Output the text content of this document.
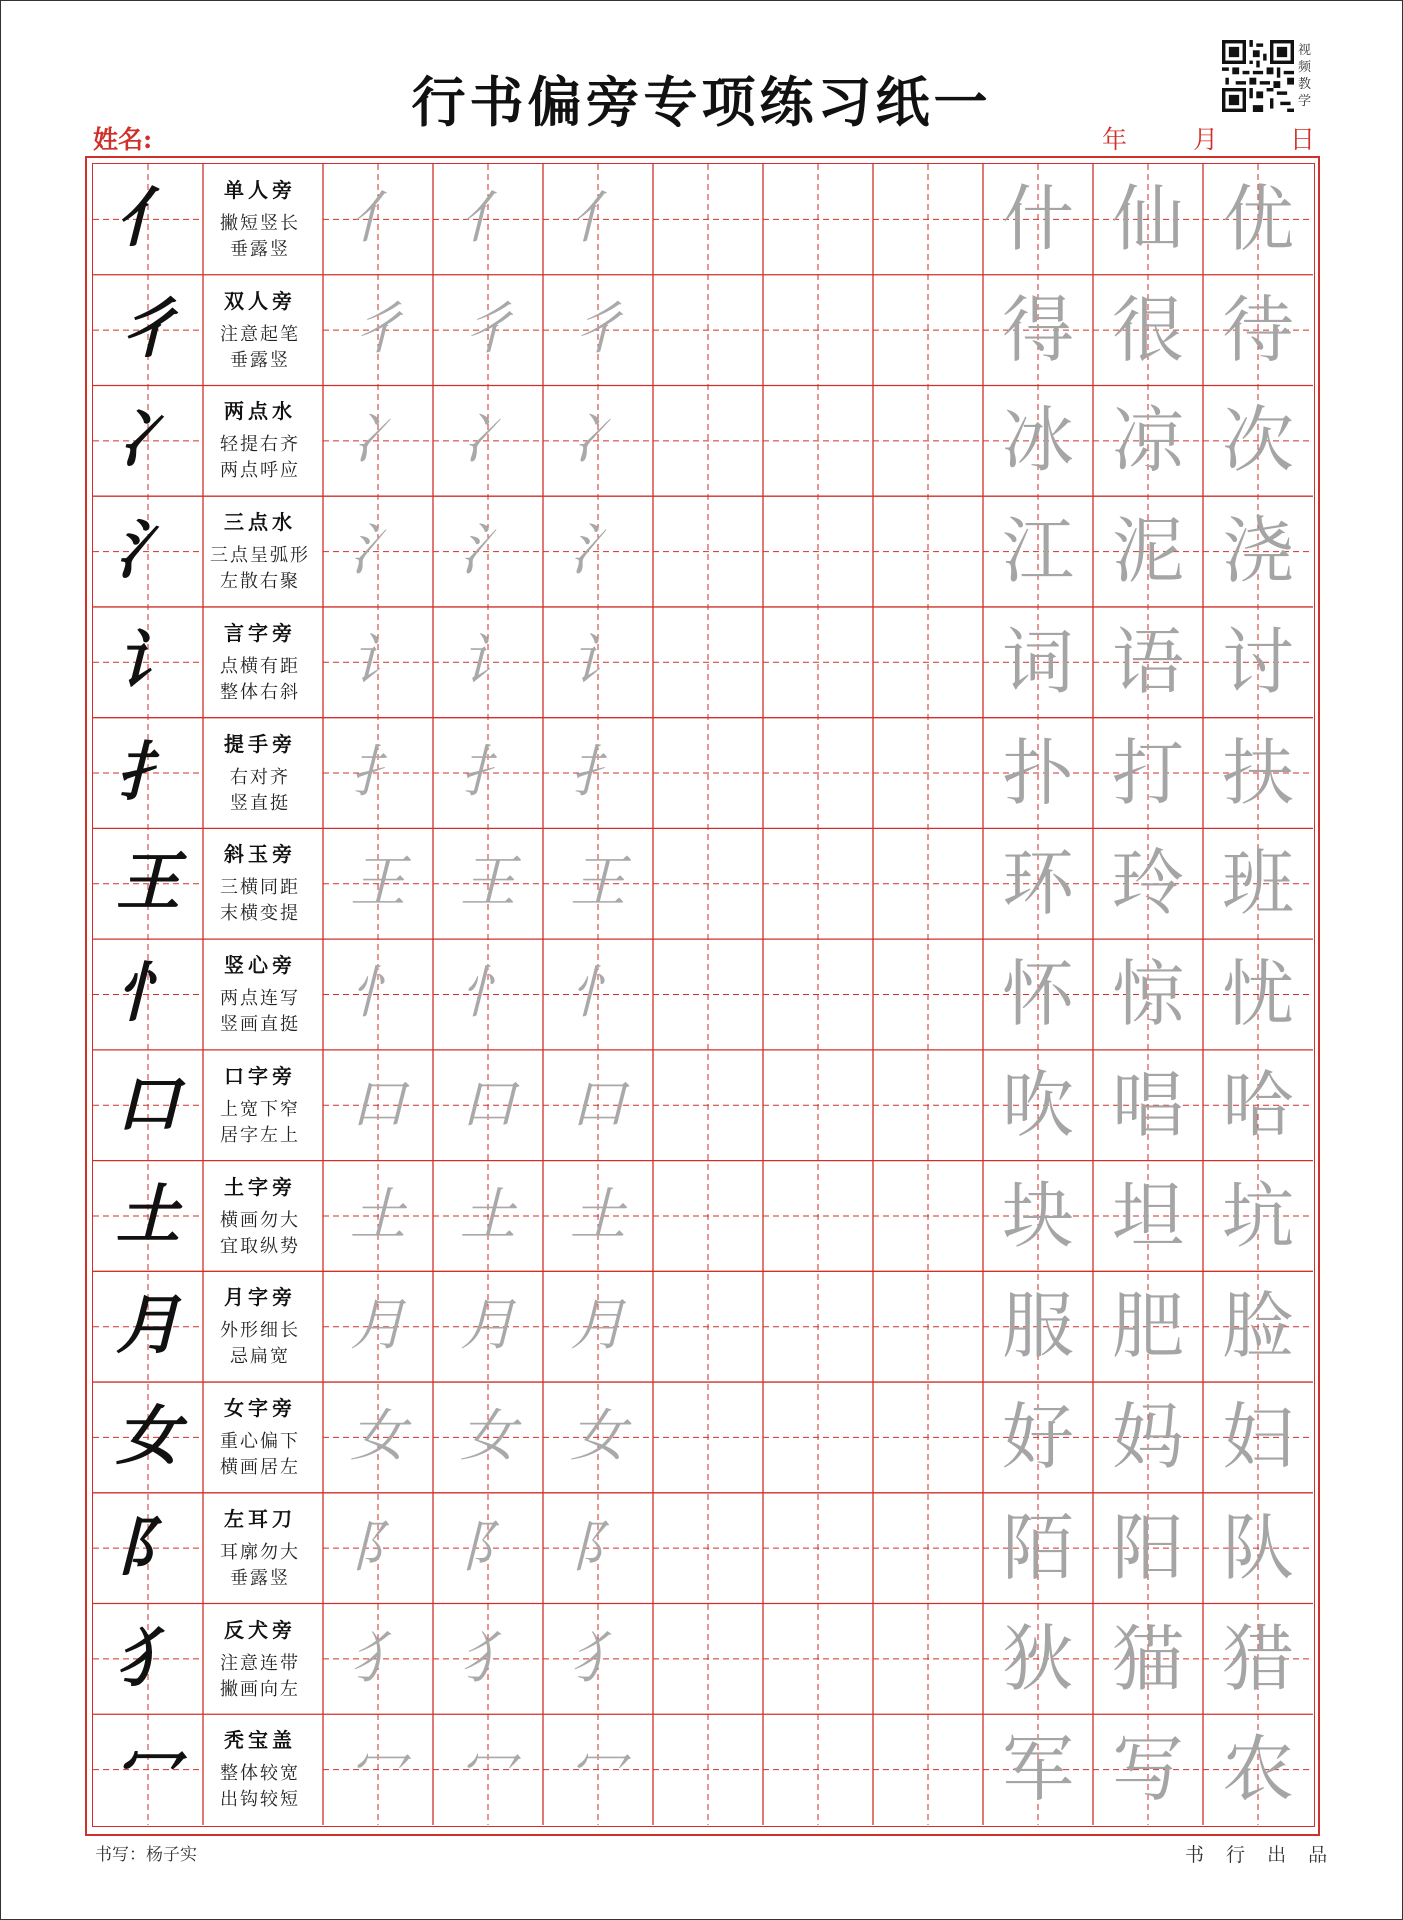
行书偏旁专项练习纸一
视频教学
姓名:	年	月	日
亻	单人旁
撇短竖长
垂露竖	亻 亻 亻	什 仙 优
彳	双人旁
注意起笔
垂露竖	彳 彳 彳	得 很 待
冫	两点水
轻提右齐
两点呼应 冫 冫 冫	冰 凉 次
氵	三点水
三点呈弧形
左散右聚 氵 氵 氵	江 泥 浇
讠	言字旁
点横有距
整体右斜 讠 讠 讠	词 语 讨
扌	提手旁
右对齐
竖直挺	扌 扌 扌	扑 打 扶
王	斜玉旁
三横同距
末横变提 王 王 王	环 玲 班
忄	竖心旁
两点连写
竖画直挺 忄 忄 忄	怀 惊 忧
口	口字旁
上宽下窄
居字左上 口 口 口	吹 唱 哈
土	土字旁
横画勿大
宜取纵势 土 土 土	块 坦 坑
月	月字旁
外形细长
忌扁宽	月 月 月	服 肥 脸
女	女字旁
重心偏下
横画居左 女 女 女	好 妈 妇
阝	左耳刀
耳廓勿大
垂露竖	阝 阝 阝	陌 阳 队
犭	反犬旁
注意连带
撇画向左 犭 犭 犭	狄 猫 猎
冖	秃宝盖
整体较宽
出钩较短 冖 冖 冖	军 写 农
书写：杨子实	书 行 出 品
